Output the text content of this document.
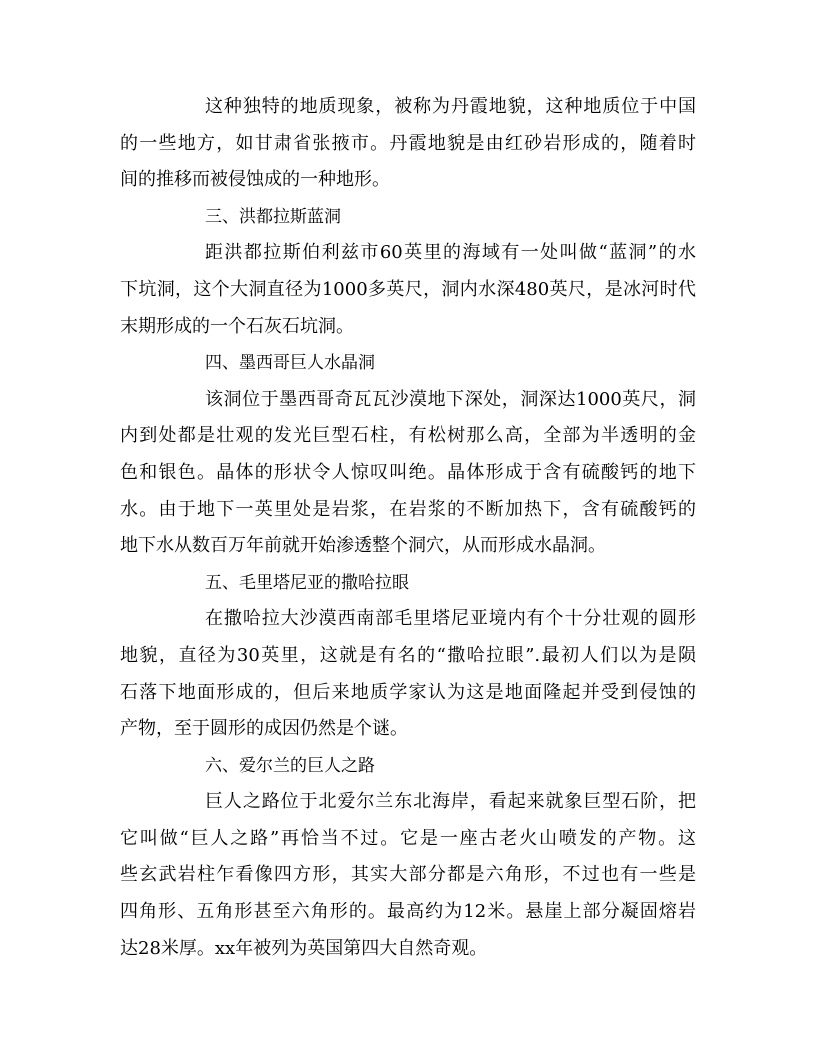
这种独特的地质现象，被称为丹霞地貌，这种地质位于中国
的一些地方，如甘肃省张掖市。丹霞地貌是由红砂岩形成的，随着时
间的推移而被侵蚀成的一种地形。
三、洪都拉斯蓝洞
距洪都拉斯伯利兹市60英里的海域有一处叫做“蓝洞”的水
下坑洞，这个大洞直径为1000多英尺，洞内水深480英尺，是冰河时代
末期形成的一个石灰石坑洞。
四、墨西哥巨人水晶洞
该洞位于墨西哥奇瓦瓦沙漠地下深处，洞深达1000英尺，洞
内到处都是壮观的发光巨型石柱，有松树那么高，全部为半透明的金
色和银色。晶体的形状令人惊叹叫绝。晶体形成于含有硫酸钙的地下
水。由于地下一英里处是岩浆，在岩浆的不断加热下，含有硫酸钙的
地下水从数百万年前就开始渗透整个洞穴，从而形成水晶洞。
五、毛里塔尼亚的撒哈拉眼
在撒哈拉大沙漠西南部毛里塔尼亚境内有个十分壮观的圆形
地貌，直径为30英里，这就是有名的“撒哈拉眼”.最初人们以为是陨
石落下地面形成的，但后来地质学家认为这是地面隆起并受到侵蚀的
产物，至于圆形的成因仍然是个谜。
六、爱尔兰的巨人之路
巨人之路位于北爱尔兰东北海岸，看起来就象巨型石阶，把
它叫做“巨人之路”再恰当不过。它是一座古老火山喷发的产物。这
些玄武岩柱乍看像四方形，其实大部分都是六角形，不过也有一些是
四角形、五角形甚至六角形的。最高约为12米。悬崖上部分凝固熔岩
达28米厚。xx年被列为英国第四大自然奇观。
